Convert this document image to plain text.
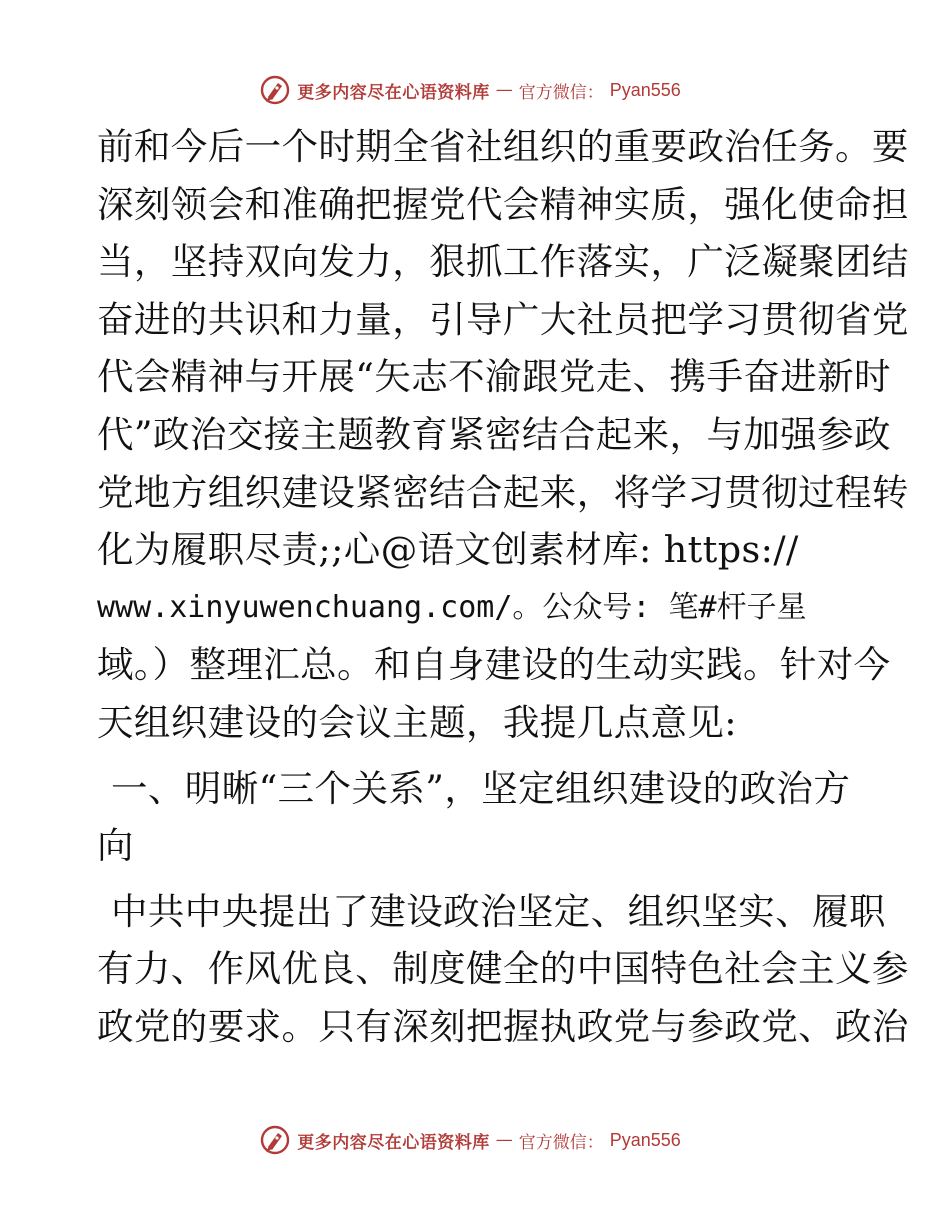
更多内容尽在心语资料库 — 官方微信： Pyan556
前和今后一个时期全省社组织的重要政治任务。要
深刻领会和准确把握党代会精神实质，强化使命担
当，坚持双向发力，狠抓工作落实，广泛凝聚团结
奋进的共识和力量，引导广大社员把学习贯彻省党
代会精神与开展“矢志不渝跟党走、携手奋进新时
代”政治交接主题教育紧密结合起来，与加强参政
党地方组织建设紧密结合起来，将学习贯彻过程转
化为履职尽责;;心@语文创素材库: https://
www.xinyuwenchuang.com/。公众号: 笔#杆子星
域。）整理汇总。和自身建设的生动实践。针对今
天组织建设的会议主题，我提几点意见:
一、明晰“三个关系”，坚定组织建设的政治方
向
中共中央提出了建设政治坚定、组织坚实、履职
有力、作风优良、制度健全的中国特色社会主义参
政党的要求。只有深刻把握执政党与参政党、政治
更多内容尽在心语资料库 — 官方微信： Pyan556
